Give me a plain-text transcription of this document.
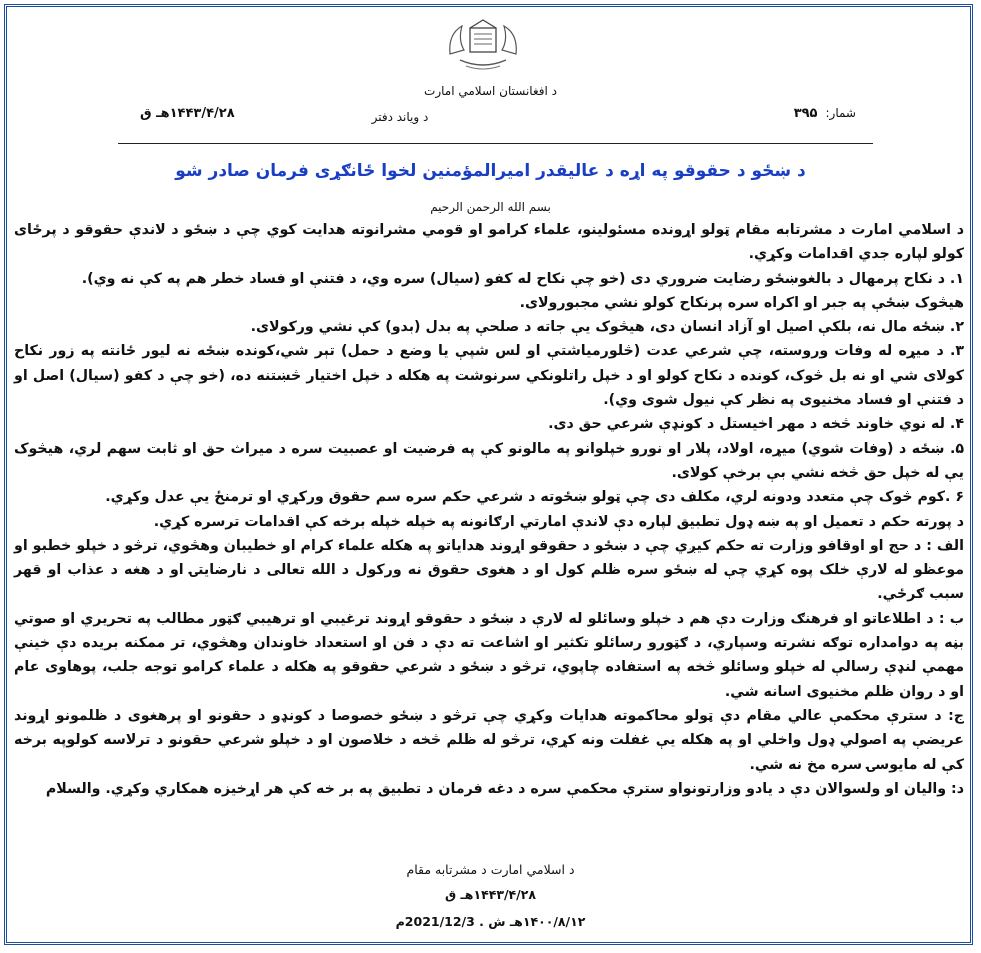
د افغانستان اسلامي امارت
د ویاند دفتر	شمار:۳۹۵
۱۴۴۳/۴/۲۸هـ ق
د ښځو د حقوقو په اړه د عالیقدر امیرالمؤمنین لخوا ځانګړی فرمان صادر شو
بسم الله الرحمن الرحیم

د اسلامي امارت د مشرتابه مقام ټولو اړونده مسئولینو، علماء کرامو او قومي مشرانوته هدایت کوي چې د ښځو د لاندې حقوقو د پرځای کولو لپاره جدي اقدامات وکړي.

۱. د نکاح پرمهال د بالغوښځو رضایت ضروري دی (خو چې نکاح له کفو (سیال) سره وي، د فتنې او فساد خطر هم په کې نه وي).

هیڅوک ښځې په جبر او اکراه سره پرنکاح کولو نشي مجبورولای.

۲. ښځه مال نه، بلکې اصیل او آزاد انسان دی، هیڅوک یې جاته د صلحې په بدل (بدو) کې نشي ورکولای.

۳. د میړه له وفات وروسته، چې شرعي عدت (څلورمیاشتې او لس شپې یا وضع د حمل) تېر شي،کونده ښځه نه لیور ځانته په زور نکاح کولای شي او نه بل څوک، کونده د نکاح کولو او د خپل راتلونکي سرنوشت په هکله د خپل اختیار څښتنه ده، (خو چې د کفو (سیال) اصل او د فتنې او فساد مخنیوی په نظر کې نیول شوی وي).

۴. له نوي خاوند څخه د مهر اخیستل د کونډې شرعي حق دی.

۵. ښځه د (وفات شوي) میړه، اولاد، پلار او نورو خپلوانو په مالونو کې په فرضیت او عصبیت سره د میراث حق او ثابت سهم لري، هیڅوک یې له خپل حق څخه نشي بې برخې کولای.

۶ .کوم څوک چې متعدد ودونه لري، مکلف دی چې ټولو ښځوته د شرعي حکم سره سم حقوق ورکړي او ترمنځ یې عدل وکړي.

د پورته حکم د تعمیل او په ښه ډول تطبیق لپاره دې لاندې امارتي ارګانونه په خپله خپله برخه کې اقدامات ترسره کړي.

الف : د حج او اوقافو وزارت ته حکم کیږي چې د ښځو د حقوقو اړوند هدایاتو په هکله علماء کرام او خطیبان وهڅوي، ترڅو د خپلو خطبو او موعظو له لارې خلک پوه کړي چې له ښځو سره ظلم کول او د هغوی حقوق نه ورکول د الله تعالی د نارضایتۍ او د هغه د عذاب او قهر سبب ګرځي.

ب : د اطلاعاتو او فرهنګ وزارت دې هم د خپلو وسائلو له لارې د ښځو د حقوقو اړوند ترغیبي او ترهیبي ګټور مطالب په تحریري او صوتي بڼه په دوامداره توګه نشرته وسپاري، د ګټورو رسائلو تکثیر او اشاعت ته دې د فن او استعداد خاوندان وهڅوي، تر ممکنه بریده دې خینې مهمې لنډې رسالې له خپلو وسائلو څخه په استفاده چاپوي، ترڅو د ښځو د شرعي حقوقو په هکله د علماء کرامو توجه جلب، پوهاوی عام او د روان ظلم مخنیوی اسانه شي.

ج: د سترې محکمې عالي مقام دې ټولو محاکموته هدایات وکړي چې ترڅو د ښځو خصوصا د کونډو د حقونو او پرهغوی د ظلمونو اړوند عریضې په اصولي ډول واخلي او په هکله یې غفلت ونه کړي، ترڅو له ظلم څخه د خلاصون او د خپلو شرعي حقونو د ترلاسه کولوپه برخه کې له مایوسۍ سره مخ نه شي.

د: والیان او ولسوالان دې د یادو وزارتونواو سترې محکمې سره د دغه فرمان د تطبیق په بر خه کې هر اړخیزه همکاري وکړي. والسلام

د اسلامي امارت د مشرتابه مقام
۱۴۴۳/۴/۲۸هـ ق
۱۴۰۰/۸/۱۲هـ ش . 2021/12/3م
